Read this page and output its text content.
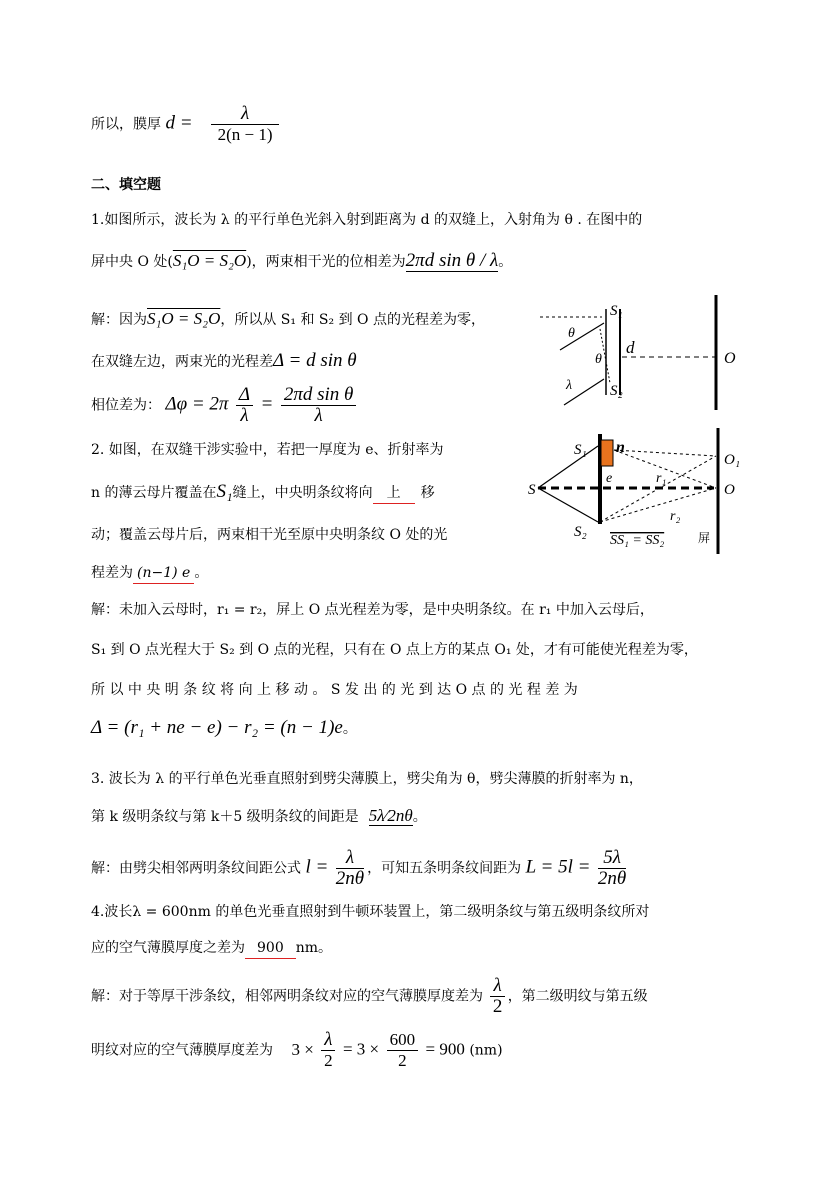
所以，膜厚 $d = \frac{\lambda}{2(n - 1)}$
二、填空题
1.如图所示，波长为 λ 的平行单色光斜入射到距离为 d 的双缝上，入射角为 θ . 在图中的
屏中央 O 处(S₁O = S₂O)，两束相干光的位相差为2πd sin θ / λ。
解：因为S₁O = S₂O，所以从 S₁ 和 S₂ 到 O 点的光程差为零，
在双缝左边，两束光的光程差Δ = d sin θ
相位差为： $\Delta\varphi = 2\pi \frac{\Delta}{\lambda} = \frac{\text{2πd sin θ}}{\lambda}$
S₁
S₂
θ
θ
d
O
λ
2. 如图，在双缝干涉实验中，若把一厚度为 e、折射率为
n 的薄云母片覆盖在S₁缝上，中央明条纹将向 上 移
动；覆盖云母片后，两束相干光至原中央明条纹 O 处的光
程差为 (n−1) e 。
解：未加入云母时，r₁ = r₂，屏上 O 点光程差为零，是中央明条纹。在 r₁ 中加入云母后，
S₁ 到 O 点光程大于 S₂ 到 O 点的光程，只有在 O 点上方的某点 O₁ 处，才有可能使光程差为零，
所 以 中 央 明 条 纹 将 向 上 移 动 。 S 发 出 的 光 到 达 O 点 的 光 程 差 为
Δ = (r₁ + ne − e) − r₂ = (n − 1)e。
S₁
S₂
S
n
e	r₁
r₂
O₁
O
SS₁ = SS₂	屏
3. 波长为 λ 的平行单色光垂直照射到劈尖薄膜上，劈尖角为 θ，劈尖薄膜的折射率为 n，
第 k 级明条纹与第 k＋5 级明条纹的间距是 5λ⁄2nθ。
解：由劈尖相邻两明条纹间距公式 $l = \frac{\lambda}{2n\theta}$ ，可知五条明条纹间距为 $L = 5l = \frac{5\lambda}{2n\theta}$
4.波长λ = 600nm 的单色光垂直照射到牛顿环装置上，第二级明条纹与第五级明条纹所对
应的空气薄膜厚度之差为 900 nm。
解：对于等厚干涉条纹，相邻两明条纹对应的空气薄膜厚度差为 $\frac{\lambda}{2}$ ，第二级明纹与第五级
明纹对应的空气薄膜厚度差为 $3 \times \frac{\lambda}{2} = 3 \times \frac{600}{2} = 900$ (nm)
